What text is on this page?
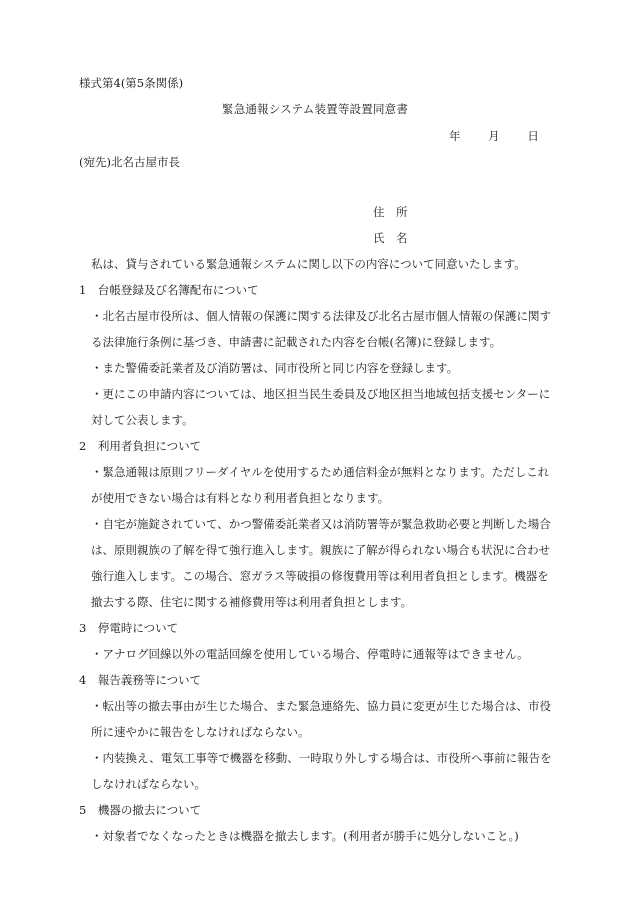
様式第4(第5条関係)
緊急通報システム装置等設置同意書
年 月 日
(宛先)北名古屋市長
住　所
氏　名
私は、貸与されている緊急通報システムに関し以下の内容について同意いたします。
1　台帳登録及び名簿配布について
・北名古屋市役所は、個人情報の保護に関する法律及び北名古屋市個人情報の保護に関す
る法律施行条例に基づき、申請書に記載された内容を台帳(名簿)に登録します。
・また警備委託業者及び消防署は、同市役所と同じ内容を登録します。
・更にこの申請内容については、地区担当民生委員及び地区担当地域包括支援センターに
対して公表します。
2　利用者負担について
・緊急通報は原則フリーダイヤルを使用するため通信料金が無料となります。ただしこれ
が使用できない場合は有料となり利用者負担となります。
・自宅が施錠されていて、かつ警備委託業者又は消防署等が緊急救助必要と判断した場合
は、原則親族の了解を得て強行進入します。親族に了解が得られない場合も状況に合わせ
強行進入します。この場合、窓ガラス等破損の修復費用等は利用者負担とします。機器を
撤去する際、住宅に関する補修費用等は利用者負担とします。
3　停電時について
・アナログ回線以外の電話回線を使用している場合、停電時に通報等はできません。
4　報告義務等について
・転出等の撤去事由が生じた場合、また緊急連絡先、協力員に変更が生じた場合は、市役
所に速やかに報告をしなければならない。
・内装換え、電気工事等で機器を移動、一時取り外しする場合は、市役所へ事前に報告を
しなければならない。
5　機器の撤去について
・対象者でなくなったときは機器を撤去します。(利用者が勝手に処分しないこと。)
